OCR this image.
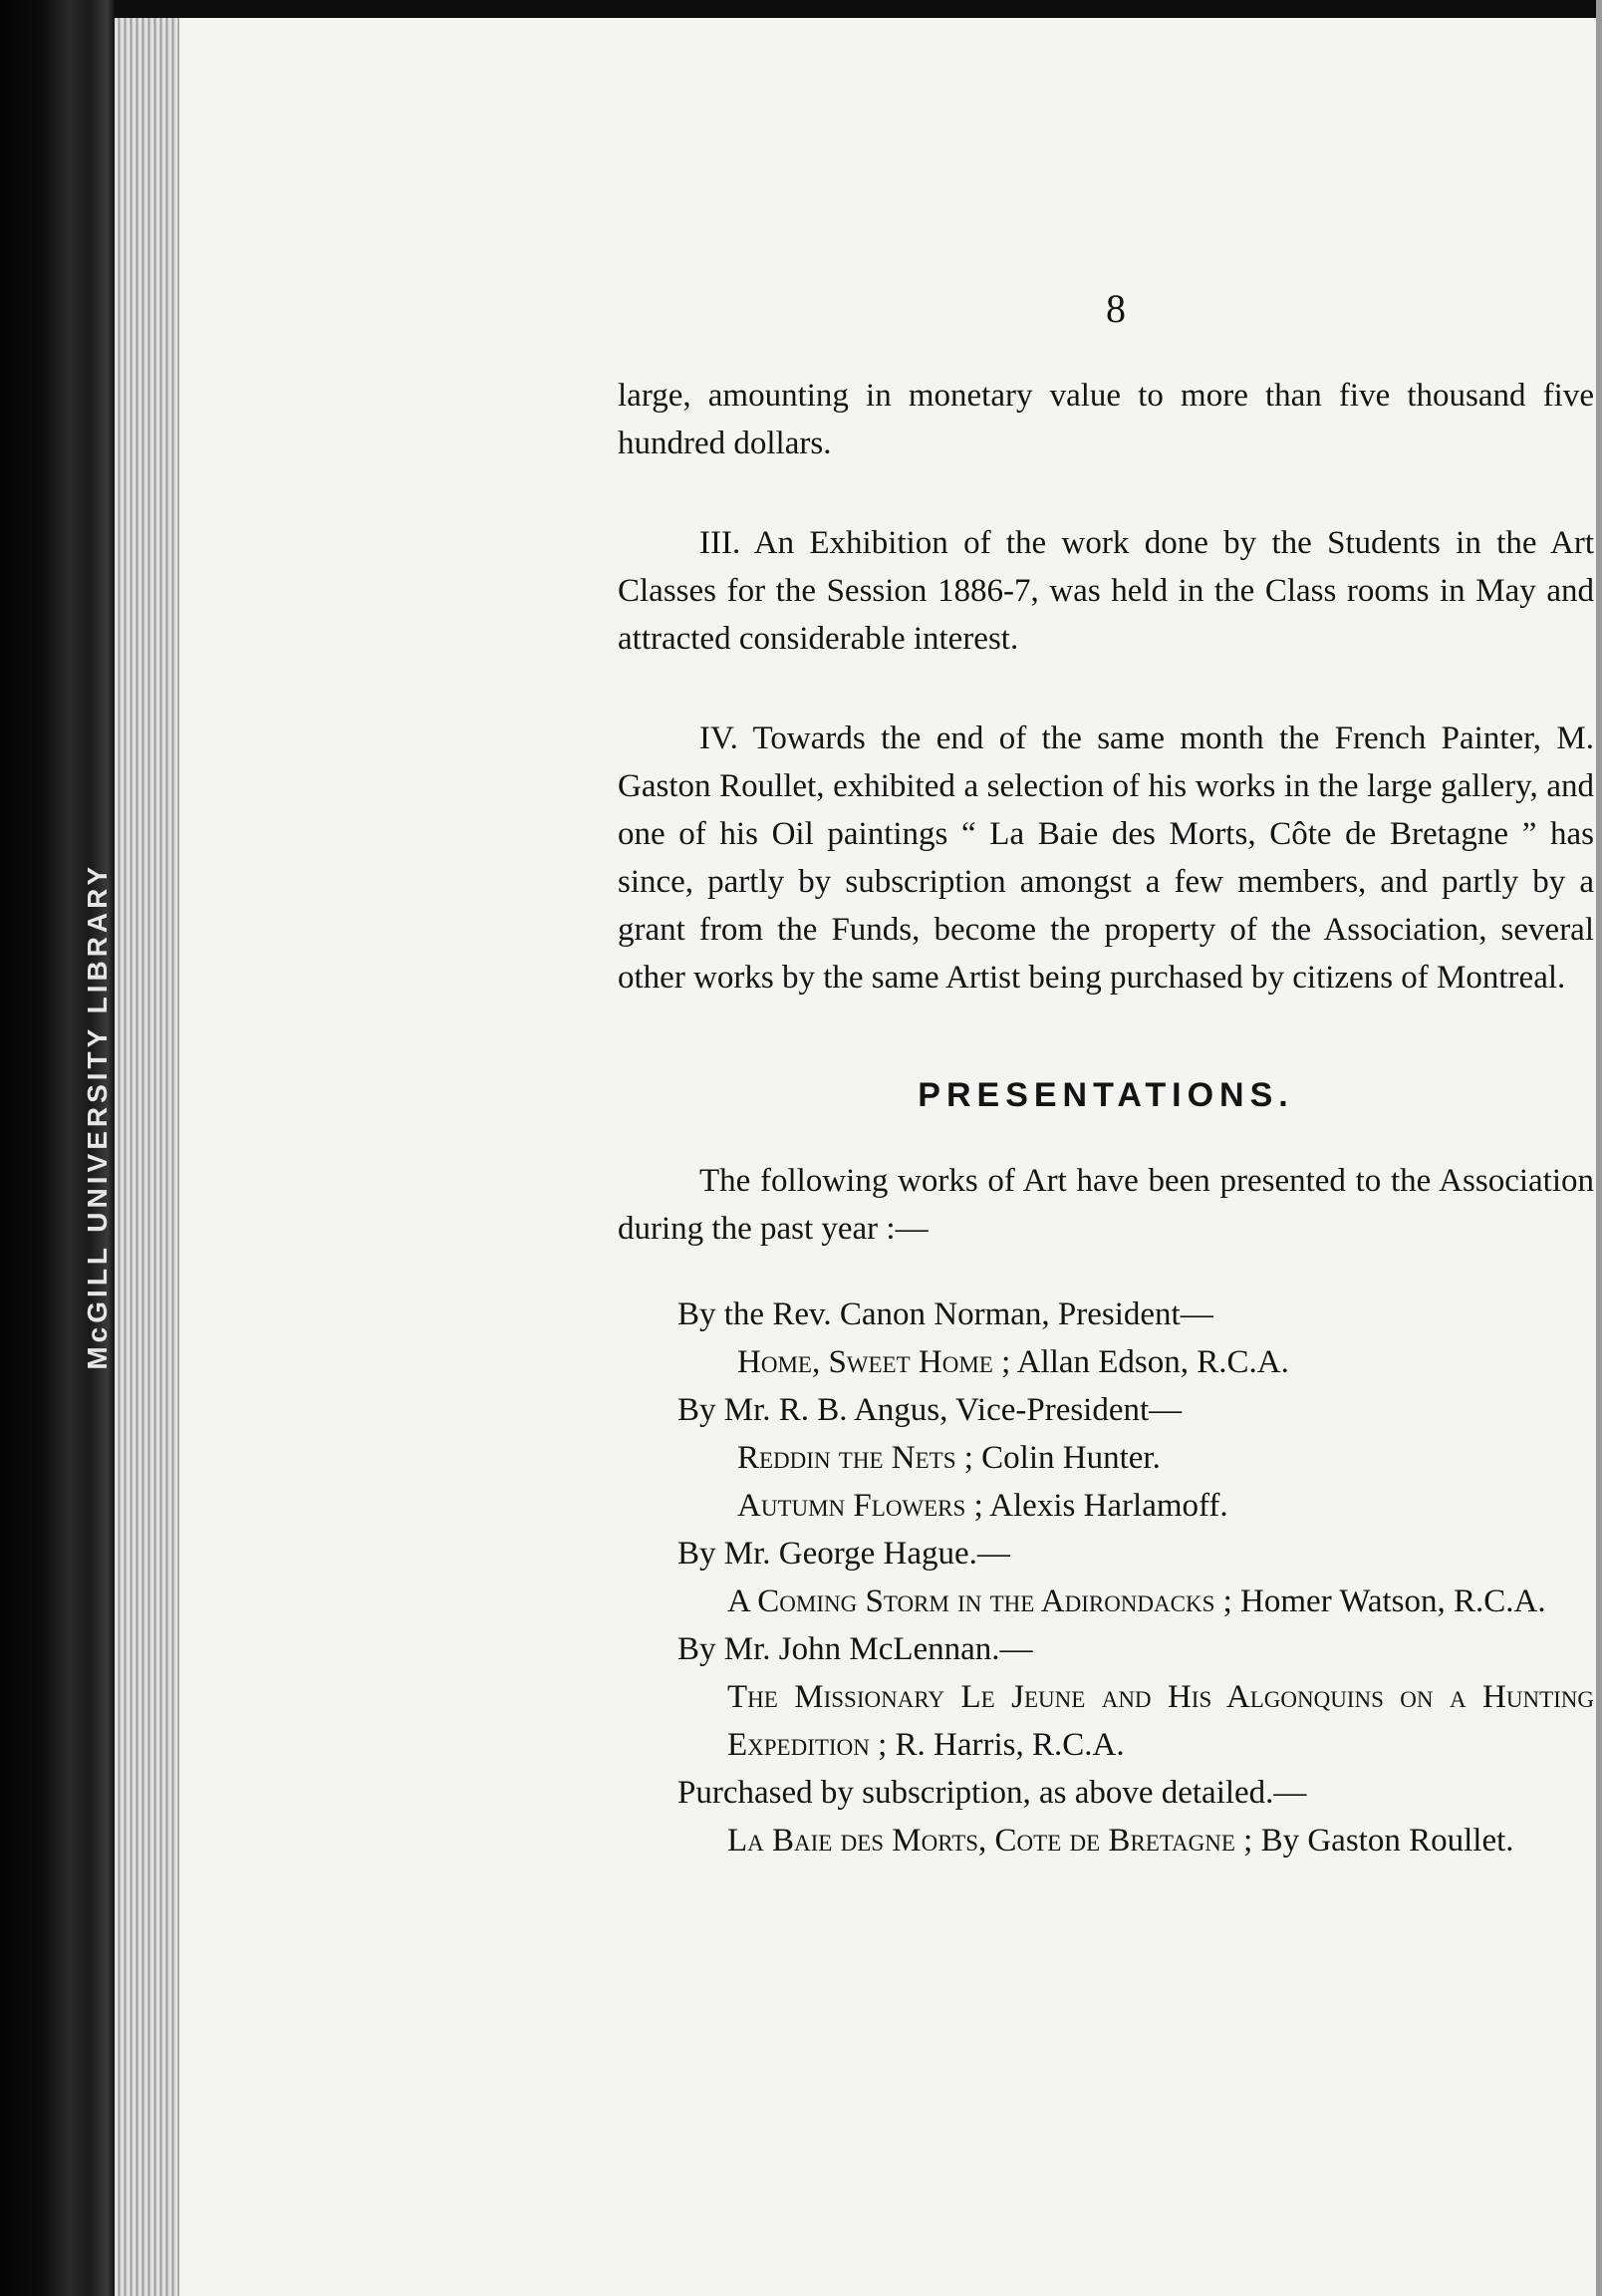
McGILL UNIVERSITY LIBRARY
8

large, amounting in monetary value to more than five thousand five hundred dollars.

III. An Exhibition of the work done by the Students in the Art Classes for the Session 1886-7, was held in the Class rooms in May and attracted considerable interest.

IV. Towards the end of the same month the French Painter, M. Gaston Roullet, exhibited a selection of his works in the large gallery, and one of his Oil paintings “ La Baie des Morts, Côte de Bretagne ” has since, partly by subscription amongst a few members, and partly by a grant from the Funds, become the property of the Association, several other works by the same Artist being purchased by citizens of Montreal.

PRESENTATIONS.

The following works of Art have been presented to the Association during the past year :—

By the Rev. Canon Norman, President—
Home, Sweet Home ; Allan Edson, R.C.A.
By Mr. R. B. Angus, Vice-President—
Reddin the Nets ; Colin Hunter.
Autumn Flowers ; Alexis Harlamoff.
By Mr. George Hague.—
A Coming Storm in the Adirondacks ; Homer Watson, R.C.A.
By Mr. John McLennan.—
The Missionary Le Jeune and His Algonquins on a Hunting Expedition ; R. Harris, R.C.A.
Purchased by subscription, as above detailed.—
La Baie des Morts, Cote de Bretagne ; By Gaston Roullet.
